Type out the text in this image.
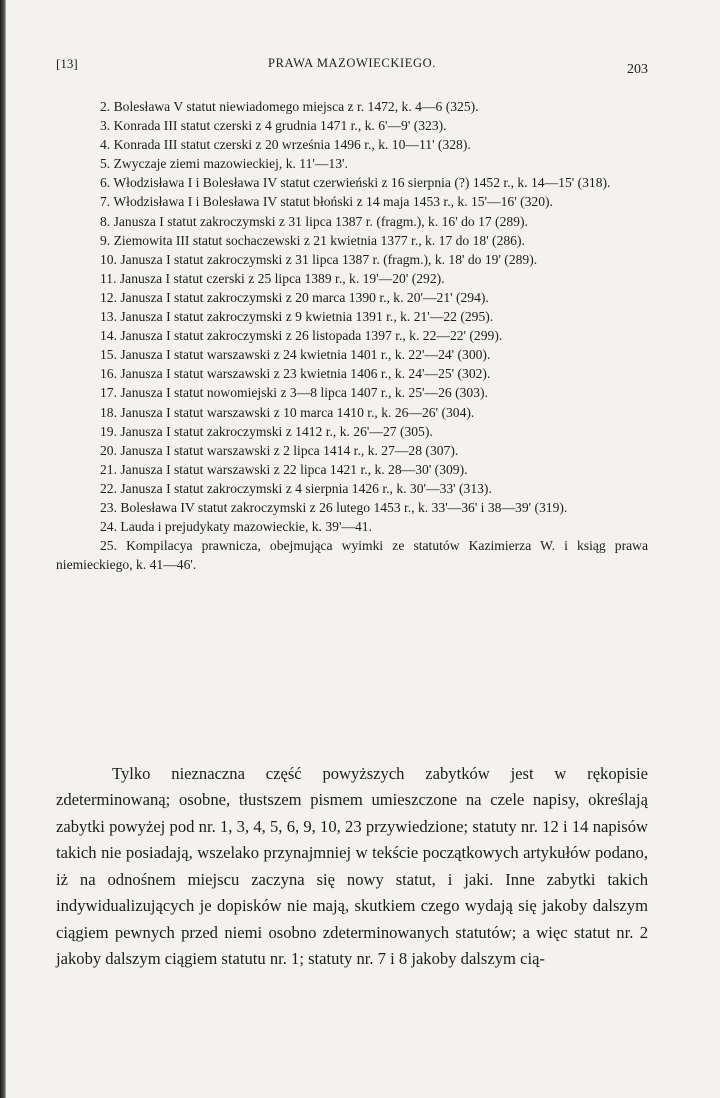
[13]	PRAWA MAZOWIECKIEGO.	203
2. Bolesława V statut niewiadomego miejsca z r. 1472, k. 4—6 (325).
3. Konrada III statut czerski z 4 grudnia 1471 r., k. 6'—9' (323).
4. Konrada III statut czerski z 20 września 1496 r., k. 10—11' (328).
5. Zwyczaje ziemi mazowieckiej, k. 11'—13'.
6. Włodzisława I i Bolesława IV statut czerwieński z 16 sierpnia (?) 1452 r., k. 14—15' (318).
7. Włodzisława I i Bolesława IV statut błoński z 14 maja 1453 r., k. 15'—16' (320).
8. Janusza I statut zakroczymski z 31 lipca 1387 r. (fragm.), k. 16' do 17 (289).
9. Ziemowita III statut sochaczewski z 21 kwietnia 1377 r., k. 17 do 18' (286).
10. Janusza I statut zakroczymski z 31 lipca 1387 r. (fragm.), k. 18' do 19' (289).
11. Janusza I statut czerski z 25 lipca 1389 r., k. 19'—20' (292).
12. Janusza I statut zakroczymski z 20 marca 1390 r., k. 20'—21' (294).
13. Janusza I statut zakroczymski z 9 kwietnia 1391 r., k. 21'—22 (295).
14. Janusza I statut zakroczymski z 26 listopada 1397 r., k. 22—22' (299).
15. Janusza I statut warszawski z 24 kwietnia 1401 r., k. 22'—24' (300).
16. Janusza I statut warszawski z 23 kwietnia 1406 r., k. 24'—25' (302).
17. Janusza I statut nowomiejski z 3—8 lipca 1407 r., k. 25'—26 (303).
18. Janusza I statut warszawski z 10 marca 1410 r., k. 26—26' (304).
19. Janusza I statut zakroczymski z 1412 r., k. 26'—27 (305).
20. Janusza I statut warszawski z 2 lipca 1414 r., k. 27—28 (307).
21. Janusza I statut warszawski z 22 lipca 1421 r., k. 28—30' (309).
22. Janusza I statut zakroczymski z 4 sierpnia 1426 r., k. 30'—33' (313).
23. Bolesława IV statut zakroczymski z 26 lutego 1453 r., k. 33'—36' i 38—39' (319).
24. Lauda i prejudykaty mazowieckie, k. 39'—41.
25. Kompilacya prawnicza, obejmująca wyimki ze statutów Kazimierza W. i ksiąg prawa niemieckiego, k. 41—46'.

Tylko nieznaczna część powyższych zabytków jest w rękopisie zdeterminowaną; osobne, tłustszem pismem umieszczone na czele napisy, określają zabytki powyżej pod nr. 1, 3, 4, 5, 6, 9, 10, 23 przywiedzione; statuty nr. 12 i 14 napisów takich nie posiadają, wszelako przynajmniej w tekście początkowych artykułów podano, iż na odnośnem miejscu zaczyna się nowy statut, i jaki. Inne zabytki takich indywidualizujących je dopisków nie mają, skutkiem czego wydają się jakoby dalszym ciągiem pewnych przed niemi osobno zdeterminowanych statutów; a więc statut nr. 2 jakoby dalszym ciągiem statutu nr. 1; statuty nr. 7 i 8 jakoby dalszym cią-
